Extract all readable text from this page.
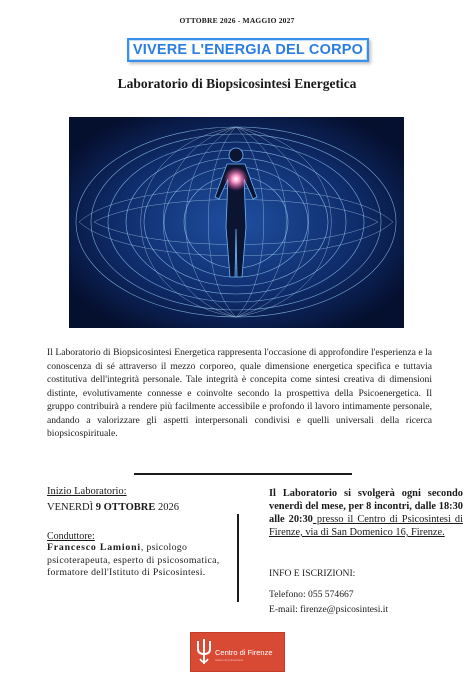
OTTOBRE 2026 - MAGGIO 2027
VIVERE L'ENERGIA DEL CORPO
Laboratorio di Biopsicosintesi Energetica
Il Laboratorio di Biopsicosintesi Energetica rappresenta l'occasione di approfondire l'esperienza e la conoscenza di sé attraverso il mezzo corporeo, quale dimensione energetica specifica e tuttavia costitutiva dell'integrità personale. Tale integrità è concepita come sintesi creativa di dimensioni distinte, evolutivamente connesse e coinvolte secondo la prospettiva della Psicoenergetica. Il gruppo contribuirà a rendere più facilmente accessibile e profondo il lavoro intimamente personale, andando a valorizzare gli aspetti interpersonali condivisi e quelli universali della ricerca biopsicospirituale.
Inizio Laboratorio:
VENERDÌ 9 OTTOBRE 2026
Conduttore:
Francesco Lamioni, psicologo psicoterapeuta, esperto di psicosomatica, formatore dell'Istituto di Psicosintesi.
Il Laboratorio si svolgerà ogni secondo venerdì del mese, per 8 incontri, dalle 18:30 alle 20:30 presso il Centro di Psicosintesi di Firenze, via di San Domenico 16, Firenze.
INFO E ISCRIZIONI:
Telefono: 055 574667
E-mail: firenze@psicosintesi.it
Centro di Firenze
istituto di psicosintesi
